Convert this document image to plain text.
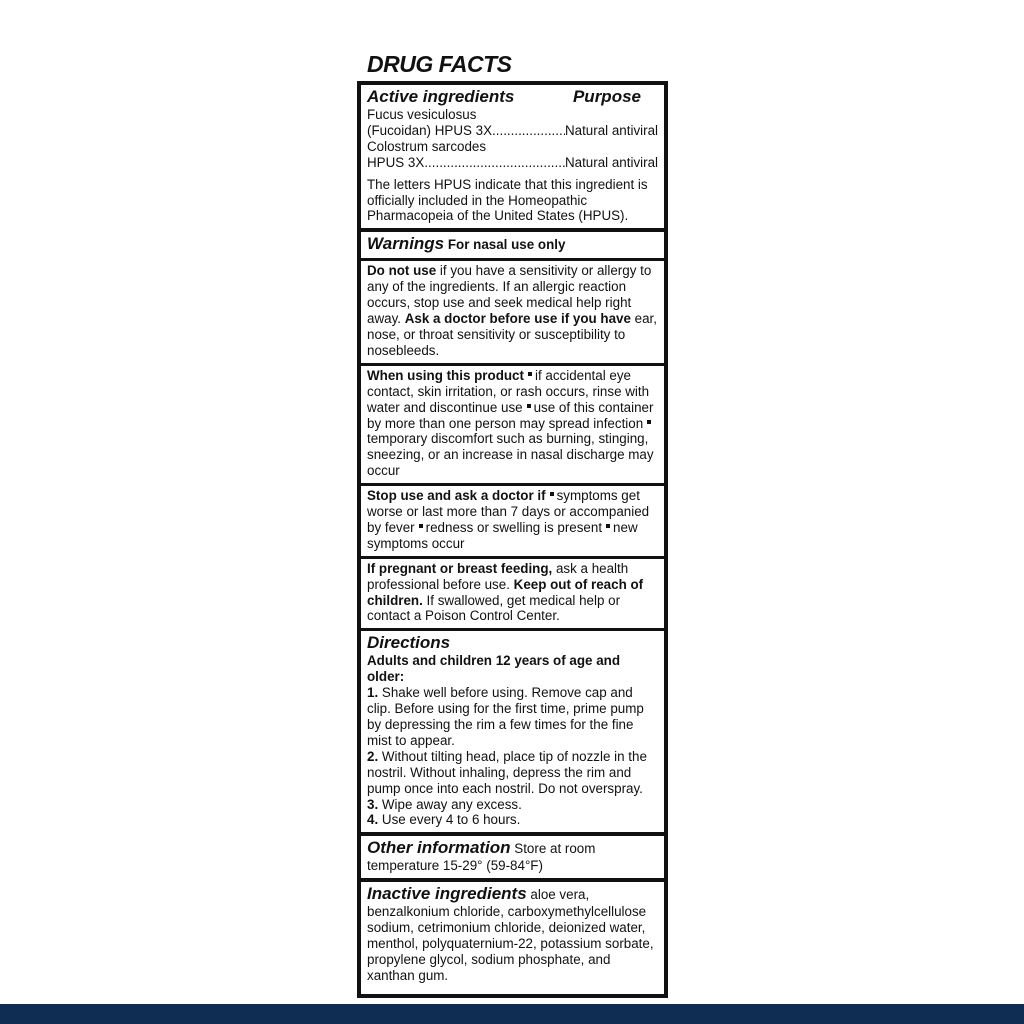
DRUG FACTS
Active ingredients	Purpose
Fucus vesiculosus
(Fucoidan) HPUS 3X .....	Natural antiviral
Colostrum sarcodes
HPUS 3X .....	Natural antiviral
The letters HPUS indicate that this ingredient is officially included in the Homeopathic Pharmacopeia of the United States (HPUS).
Warnings For nasal use only
Do not use if you have a sensitivity or allergy to any of the ingredients. If an allergic reaction occurs, stop use and seek medical help right away. Ask a doctor before use if you have ear, nose, or throat sensitivity or susceptibility to nosebleeds.
When using this product if accidental eye contact, skin irritation, or rash occurs, rinse with water and discontinue use use of this container by more than one person may spread infectiontemporary discomfort such as burning, stinging, sneezing, or an increase in nasal discharge may occur
Stop use and ask a doctor if symptoms get worse or last more than 7 days or accompanied by fever redness or swelling is present new symptoms occur
If pregnant or breast feeding, ask a health professional before use. Keep out of reach of children. If swallowed, get medical help or contact a Poison Control Center.
Directions
Adults and children 12 years of age and older:
1. Shake well before using. Remove cap and clip. Before using for the first time, prime pump by depressing the rim a few times for the fine mist to appear.
2. Without tilting head, place tip of nozzle in the nostril. Without inhaling, depress the rim and pump once into each nostril. Do not overspray.
3. Wipe away any excess.
4. Use every 4 to 6 hours.
Other information Store at room temperature 15-29° (59-84°F)
Inactive ingredients aloe vera, benzalkonium chloride, carboxymethylcellulose sodium, cetrimonium chloride, deionized water, menthol, polyquaternium-22, potassium sorbate, propylene glycol, sodium phosphate, and xanthan gum.
